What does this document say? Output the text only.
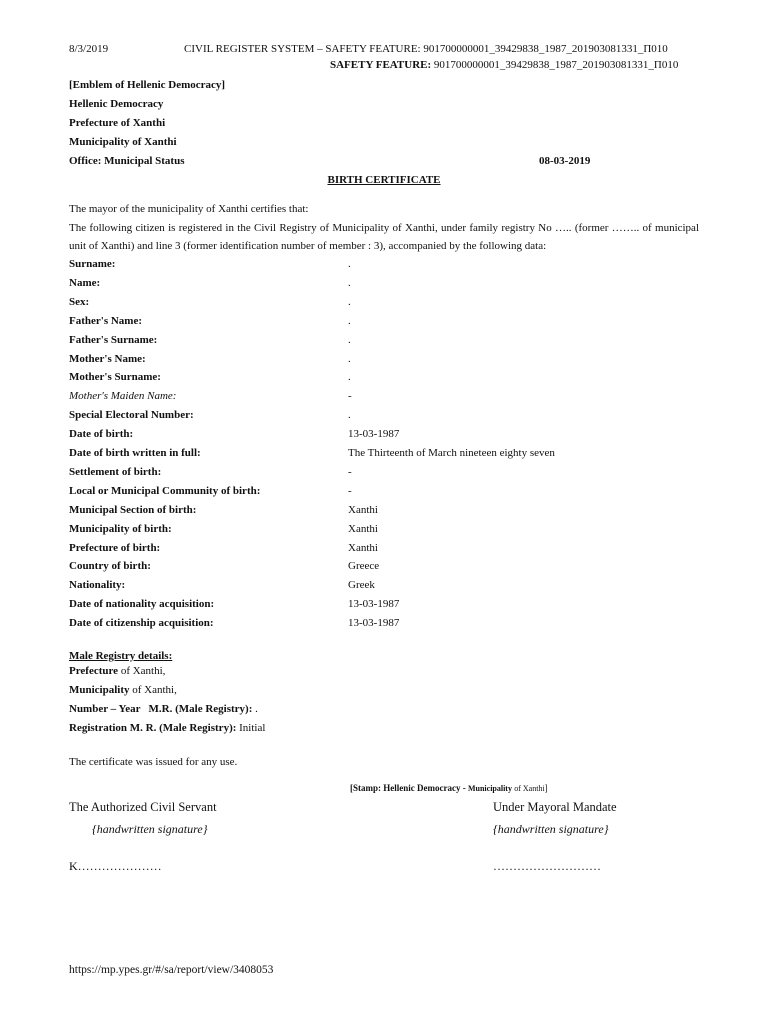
8/3/2019	CIVIL REGISTER SYSTEM – SAFETY FEATURE: 901700000001_39429838_1987_201903081331_П010
SAFETY FEATURE: 901700000001_39429838_1987_201903081331_П010
[Emblem of Hellenic Democracy]
Hellenic Democracy
Prefecture of Xanthi
Municipality of Xanthi
Office: Municipal Status	08-03-2019
BIRTH CERTIFICATE
The mayor of the municipality of Xanthi certifies that:
The following citizen is registered in the Civil Registry of Municipality of Xanthi, under family registry No ….. (former …….. of municipal unit of Xanthi) and line 3 (former identification number of member : 3), accompanied by the following data:
Surname:	.
Name:	.
Sex:	.
Father's Name:	.
Father's Surname:	.
Mother's Name:	.
Mother's Surname:	.
Mother's Maiden Name:	-
Special Electoral Number:	.
Date of birth:	13-03-1987
Date of birth written in full:	The Thirteenth of March nineteen eighty seven
Settlement of birth:	-
Local or Municipal Community of birth:	-
Municipal Section of birth:	Xanthi
Municipality of birth:	Xanthi
Prefecture of birth:	Xanthi
Country of birth:	Greece
Nationality:	Greek
Date of nationality acquisition:	13-03-1987
Date of citizenship acquisition:	13-03-1987
Male Registry details:
Prefecture of Xanthi,
Municipality of Xanthi,
Number – Year   M.R. (Male Registry): .
Registration M. R. (Male Registry): Initial
The certificate was issued for any use.
[Stamp: Hellenic Democracy - Municipality of Xanthi]
The Authorized Civil Servant	Under Mayoral Mandate
{handwritten signature}	{handwritten signature}
K…………………	………………………
https://mp.ypes.gr/#/sa/report/view/3408053
